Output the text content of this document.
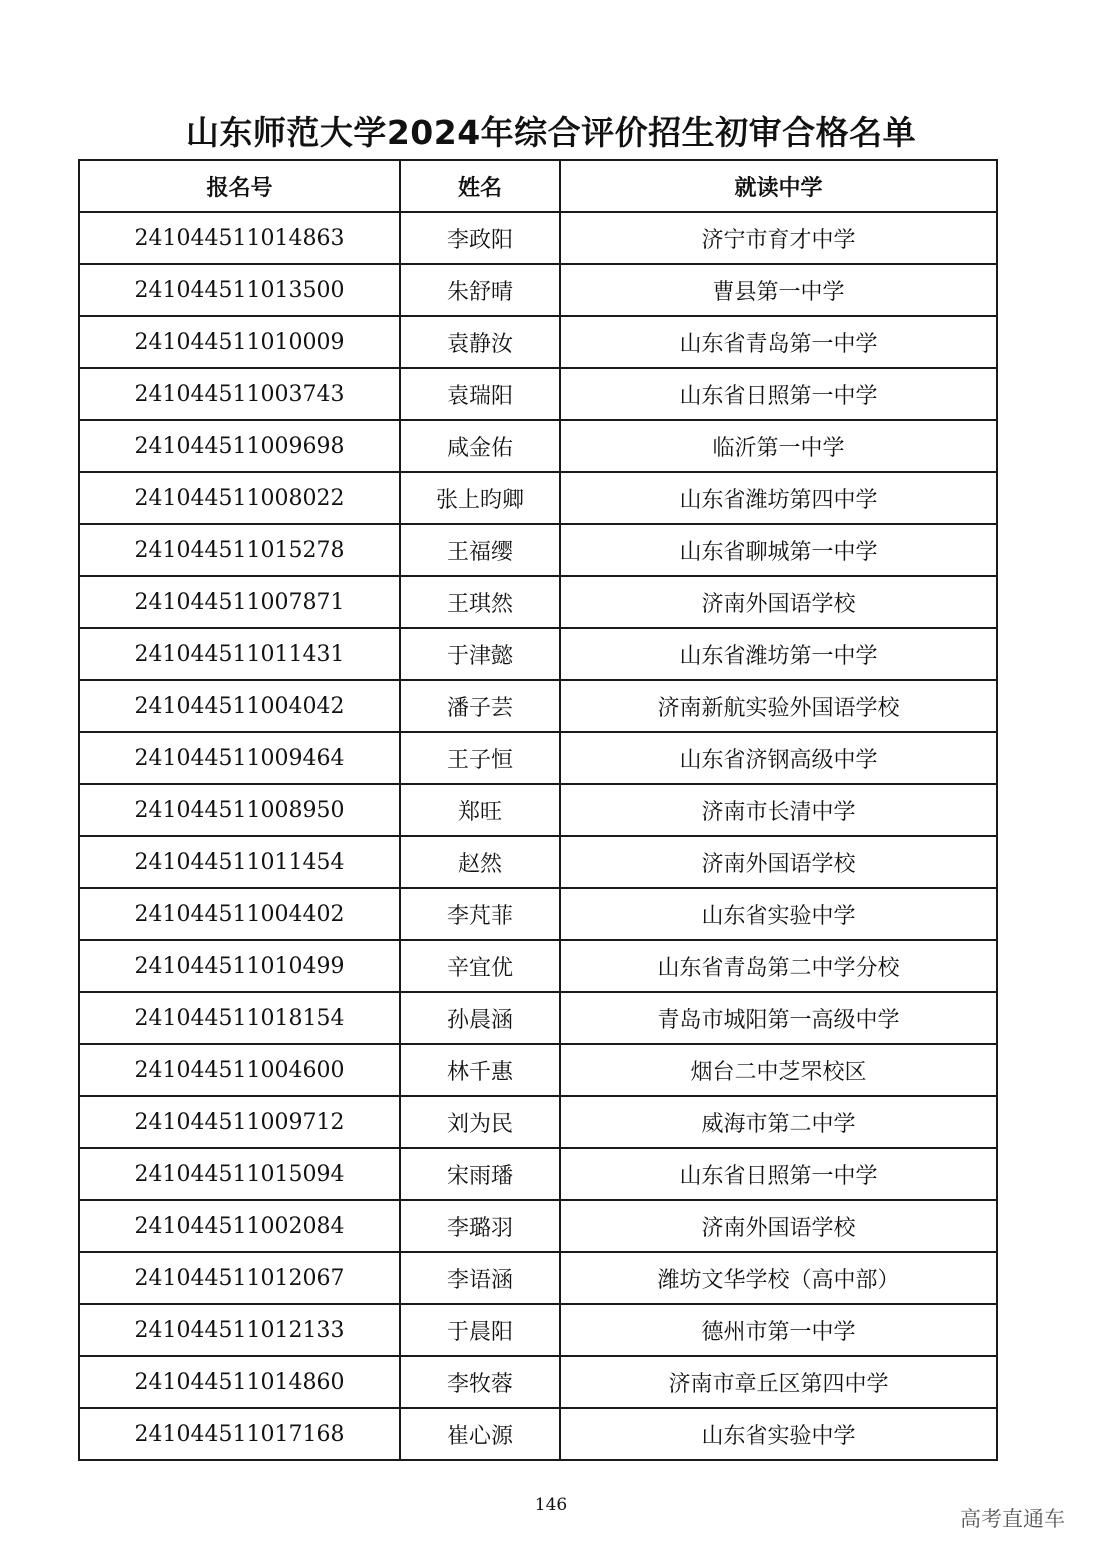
山东师范大学2024年综合评价招生初审合格名单
报名号	姓名	就读中学
241044511014863	李政阳	济宁市育才中学
241044511013500	朱舒晴	曹县第一中学
241044511010009	袁静汝	山东省青岛第一中学
241044511003743	袁瑞阳	山东省日照第一中学
241044511009698	咸金佑	临沂第一中学
241044511008022	张上昀卿	山东省潍坊第四中学
241044511015278	王福缨	山东省聊城第一中学
241044511007871	王琪然	济南外国语学校
241044511011431	于津懿	山东省潍坊第一中学
241044511004042	潘子芸	济南新航实验外国语学校
241044511009464	王子恒	山东省济钢高级中学
241044511008950	郑旺	济南市长清中学
241044511011454	赵然	济南外国语学校
241044511004402	李芃菲	山东省实验中学
241044511010499	辛宜优	山东省青岛第二中学分校
241044511018154	孙晨涵	青岛市城阳第一高级中学
241044511004600	林千惠	烟台二中芝罘校区
241044511009712	刘为民	威海市第二中学
241044511015094	宋雨璠	山东省日照第一中学
241044511002084	李璐羽	济南外国语学校
241044511012067	李语涵	潍坊文华学校（高中部）
241044511012133	于晨阳	德州市第一中学
241044511014860	李牧蓉	济南市章丘区第四中学
241044511017168	崔心源	山东省实验中学
146
高考直通车
